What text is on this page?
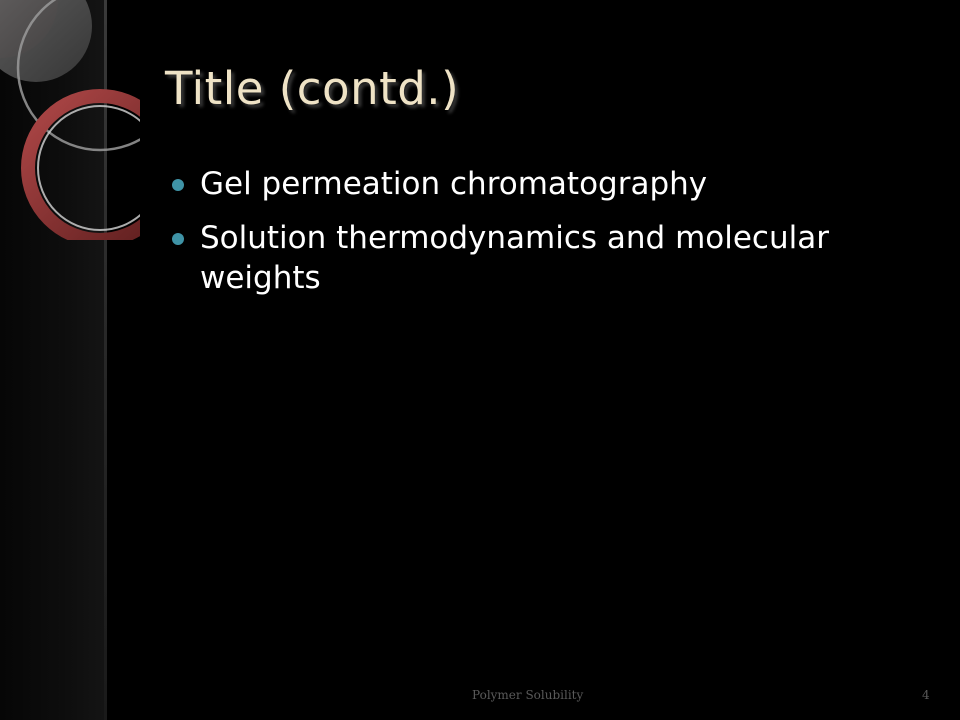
Title (contd.)
Gel permeation chromatography
Solution thermodynamics and molecular weights
Polymer Solubility	4
